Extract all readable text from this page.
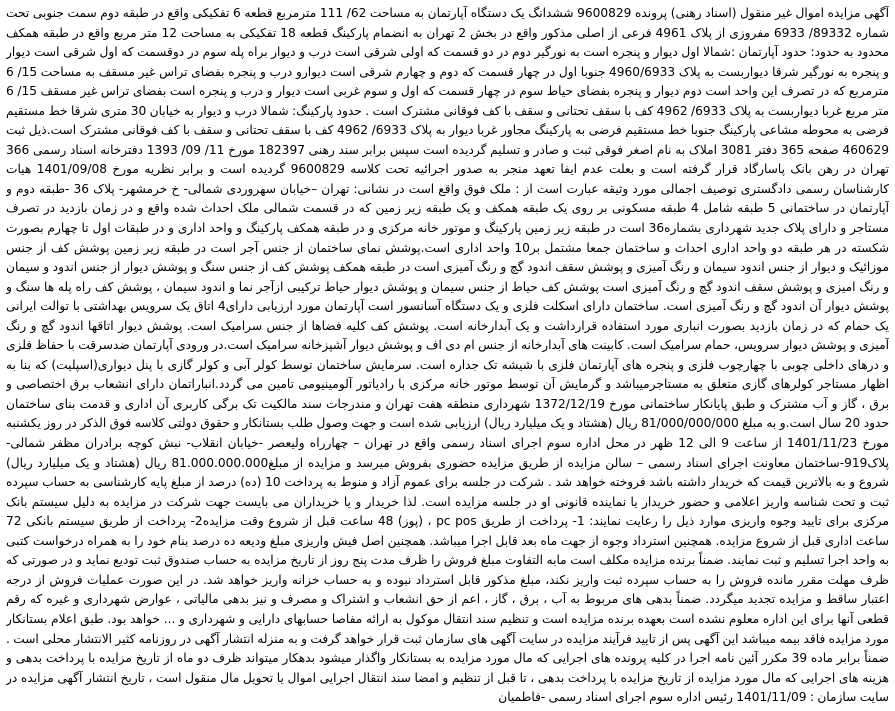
آگهی مزایده اموال غیر منقول (اسناد رهنی) پرونده 9600829 ششدانگ یک دستگاه آپارتمان به مساحت 62/ 111 مترمربع قطعه 6 تفکیکی واقع در طبقه دوم سمت جنوبی تحت شماره 89332/ 6933 مفروزی از پلاک 4961 فرعی از اصلی مذکور واقع در بخش 2 تهران به انضمام پارکینگ قطعه 18 تفکیکی به مساحت 12 متر مربع واقع در طبقه همکف محدود به حدود: حدود آپارتمان :شمالا اول دیوار و پنجره است به نورگیر دوم در دو قسمت که اولی شرقی است درب و دیوار براه پله سوم در دوقسمت که اول شرقی است دیوار و پنجره به نورگیر شرقا دیواربست به پلاک 4960/6933 جنوبا اول در چهار قسمت که دوم و چهارم شرقی است دیوارو درب و پنجره بفضای تراس غیر مسقف به مساحت 15/ 6 مترمربع که در تصرف این واحد است دوم دیوار و پنجره بفضای حیاط سوم در چهار قسمت که اول و سوم غربی است دیوار و درب و پنجره است بفضای تراس غیر مسقف 15/ 6 متر مربع غربا دیواربست به پلاک 6933/ 4962 کف با سقف تحتانی و سقف با کف فوقانی مشترک است . حدود پارکینگ: شمالا درب و دیوار به خیابان 30 متری شرقا خط مستقیم فرضی به محوطه مشاعی پارکینگ جنوبا خط مستقیم فرضی به پارکینگ مجاور غربا دیوار به پلاک 6933/ 4962 کف با سقف تحتانی و سقف با کف فوقانی مشترک است.ذیل ثبت 460629 صفحه 365 دفتر 3081 املاک به نام اصغر فوقی ثبت و صادر و تسلیم گردیده است سپس برابر سند رهنی 182397 مورخ 11/ 09/ 1393 دفترخانه اسناد رسمی 366 تهران در رهن بانک پاسارگاد قرار گرفته است و بعلت عدم ایفا تعهد منجر به صدور اجرائیه تحت کلاسه 9600829 گردیده است و برابر نظریه مورخ 1401/09/08 هیات کارشناسان رسمی دادگستری توصیف اجمالی مورد وثیقه عبارت است از : ملک فوق واقع است در نشانی: تهران –خیابان سهروردی شمالی- خ خرمشهر- پلاک 36 -طبقه دوم و آپارتمان در ساختمانی 5 طبقه شامل 4 طبقه مسکونی بر روی یک طبقه همکف و یک طبقه زیر زمین که در قسمت شمالی ملک احداث شده واقع و در زمان بازدید در تصرف مستاجر و دارای پلاک جدید شهرداری بشماره36 است در طبقه زیر زمین پارکینگ و موتور خانه مرکزی و در طبقه همکف پارکینگ و واحد اداری و در طبقات اول تا چهارم بصورت شکسته در هر طبقه دو واحد اداری احداث و ساختمان جمعا مشتمل بر10 واحد اداری است.پوشش نمای ساختمان از جنس آجر است در طبقه زیر زمین پوشش کف از جنس موزائیک و دیوار از جنس اندود سیمان و رنگ آمیزی و پوشش سقف اندود گچ و رنگ آمیزی است در طبقه همکف پوشش کف از جنس سنگ و پوشش دیوار از جنس اندود و سیمان و رنگ امیزی و پوشش سقف اندود گچ و رنگ آمیزی است پوشش کف حیاط از جنس سیمان و پوشش دیوار حیاط ترکیبی ازآجر نما و اندود سیمان ، پوشش کف راه پله ها سنگ و پوشش دیوار آن اندود گچ و رنگ آمیزی است. ساختمان دارای اسکلت فلزی و یک دستگاه آسانسور است آپارتمان مورد ارزیابی دارای4 اتاق یک سرویس بهداشتی با توالت ایرانی یک حمام که در زمان بازدید بصورت انباری مورد استفاده قرارداشت و یک آبدارخانه است. پوشش کف کلیه فضاها از جنس سرامیک است. پوشش دیوار اتاقها اندود گچ و رنگ آمیزی و پوشش دیوار سرویس، حمام سرامیک است. کابینت های آبدارخانه از جنس ام دی اف و پوشش دیوار آشپزخانه سرامیک است.در ورودی آپارتمان ضدسرقت با حفاظ فلزی و درهای داخلی چوبی با چهارچوب فلزی و پنجره های آپارتمان فلزی با شیشه تک جداره است. سرمایش ساختمان توسط کولر آبی و کولر گازی با پنل دیواری(اسپلیت) که بنا به اظهار مستاجر کولرهای گازی متعلق به مستاجرمیباشد و گرمایش آن توسط موتور خانه مرکزی با رادیاتور آلومینیومی تامین می گردد.انباراتمان دارای انشعاب برق اختصاصی و برق ، گاز و آب مشترک و طبق پایانکار ساختمانی مورخ 1372/12/19 شهرداری منطقه هفت تهران و مندرجات سند مالکیت تک برگی کاربری آن اداری و قدمت بنای ساختمان حدود 20 سال است.و به مبلغ 81/000/000/000 ریال (هشتاد و یک میلیارد ریال) ارزیابی شده است و جهت وصول طلب بستانکار و حقوق دولتی کلاسه فوق الذکر در روز یکشنبه مورخ 1401/11/23 از ساعت 9 الی 12 ظهر در محل اداره سوم اجرای اسناد رسمی واقع در تهران – چهارراه ولیعصر -خیابان انقلاب- نبش کوچه برادران مظفر شمالی-پلاک919-ساختمان معاونت اجرای اسناد رسمی – سالن مزایده از طریق مزایده حضوری بفروش میرسد و مزایده از مبلغ81.000.000.000 ریال (هشتاد و یک میلیارد ریال) شروع و به بالاترین قیمت که خریدار داشته باشد فروخته خواهد شد . شرکت در جلسه برای عموم آزاد و منوط به پرداخت 10 (ده) درصد از مبلغ پایه کارشناسی به حساب سپرده ثبت و تحت شناسه واریز اعلامی و حضور خریدار یا نماینده قانونی او در جلسه مزایده است. لذا خریدار و یا خریداران می بایست جهت شرکت در مزایده به دلیل سیستم بانک مرکزی برای تایید وجوه واریزی موارد ذیل را رعایت نمایند: 1- پرداخت از طریق pc pos ، (پوز) 48 ساعت قبل از شروع وقت مزایده2- پرداخت از طریق سیستم بانکی 72 ساعت اداری قبل از شروع مزایده. همچنین استرداد وجوه از جهت ماه بعد قابل اجرا میباشد. همچنین اصل فیش واریزی مبلغ ودیعه ده درصد بنام خود را به همراه درخواست کتبی به واحد اجرا تسلیم و ثبت نمایند. ضمناً برنده مزایده مکلف است مابه التفاوت مبلغ فروش را ظرف مدت پنج روز از تاریخ مزایده به حساب صندوق ثبت تودیع نماید و در صورتی که ظرف مهلت مقرر مانده فروش را به حساب سپرده ثبت واریز نکند، مبلغ مذکور قابل استرداد نبوده و به حساب خزانه واریز خواهد شد. در این صورت عملیات فروش از درجه اعتبار ساقط و مزایده تجدید میگردد. ضمناً بدهی های مربوط به آب ، برق ، گاز ، اعم از حق انشعاب و اشتراک و مصرف و نیز بدهی مالیاتی ، عوارض شهرداری و غیره که رقم قطعی آنها برای این اداره معلوم نشده است بعهده برنده مزایده است و تنظیم سند انتقال موکول به ارائه مفاصا حسابهای دارایی و شهرداری و ... خواهد بود. طبق اعلام بستانکار مورد مزایده فاقد بیمه میباشد این آگهی پس از تایید فرآیند مزایده در سایت آگهی های سازمان ثبت قرار خواهد گرفت و به منزله انتشار آگهی در روزنامه کثیر الانتشار محلی است . ضمناً برابر ماده 39 مکرر آئین نامه اجرا در کلیه پرونده های اجرایی که مال مورد مزایده به بستانکار واگذار میشود بدهکار میتواند ظرف دو ماه از تاریخ مزایده با پرداخت بدهی و هزینه های اجرایی که مال مورد مزایده از تاریخ مزایده با پرداخت بدهی ، تا قبل از تنظیم و امضا سند انتقال اجرایی اموال یا تحویل مال منقول است ، تاریخ انتشار آگهی مزایده در سایت سازمان : 1401/11/09 رئیس اداره سوم اجرای اسناد رسمی -فاطمیان
